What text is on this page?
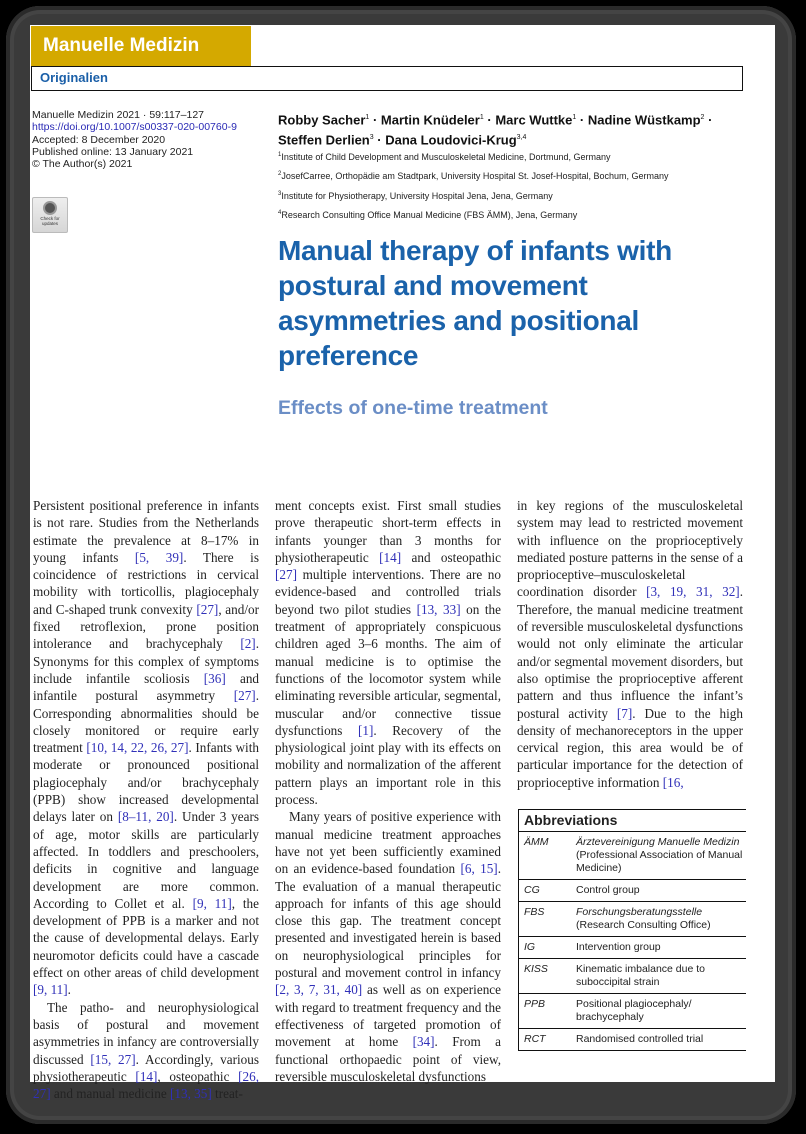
Manuelle Medizin
Originalien
Manuelle Medizin 2021 · 59:117–127
https://doi.org/10.1007/s00337-020-00760-9
Accepted: 8 December 2020
Published online: 13 January 2021
© The Author(s) 2021
Check for updates
Robby Sacher$^1$ · Martin Knüdeler$^1$ · Marc Wuttke$^1$ · Nadine Wüstkamp$^2$ ·
Steffen Derlien$^3$ · Dana Loudovici-Krug$^{3,4}$
$^1$Institute of Child Development and Musculoskeletal Medicine, Dortmund, Germany
$^2$JosefCarree, Orthopädie am Stadtpark, University Hospital St. Josef-Hospital, Bochum, Germany
$^3$Institute for Physiotherapy, University Hospital Jena, Jena, Germany
$^4$Research Consulting Office Manual Medicine (FBS ÄMM), Jena, Germany
Manual therapy of infants with postural and movement asymmetries and positional preference
Effects of one-time treatment

Persistent positional preference in infants is not rare. Studies from the Netherlands estimate the prevalence at 8–17% in young infants [5, 39]. There is coincidence of restrictions in cervical mobility with torticollis, plagiocephaly and C-shaped trunk convexity [27], and/or fixed retroflexion, prone position intolerance and brachycephaly [2]. Synonyms for this complex of symptoms include infantile scoliosis [36] and infantile postural asymmetry [27]. Corresponding abnormalities should be closely monitored or require early treatment [10, 14, 22, 26, 27]. Infants with moderate or pronounced positional plagiocephaly and/or brachycephaly (PPB) show increased developmental delays later on [8–11, 20]. Under 3 years of age, motor skills are particularly affected. In toddlers and preschoolers, deficits in cognitive and language development are more common. According to Collet et al. [9, 11], the development of PPB is a marker and not the cause of developmental delays. Early neuromotor deficits could have a cascade effect on other areas of child development [9, 11].

The patho- and neurophysiological basis of postural and movement asymmetries in infancy are controversially discussed [15, 27]. Accordingly, various physiotherapeutic [14], osteopathic [26, 27] and manual medicine [13, 35] treat-

ment concepts exist. First small studies prove therapeutic short-term effects in infants younger than 3 months for physiotherapeutic [14] and osteopathic [27] multiple interventions. There are no evidence-based and controlled trials beyond two pilot studies [13, 33] on the treatment of appropriately conspicuous children aged 3–6 months. The aim of manual medicine is to optimise the functions of the locomotor system while eliminating reversible articular, segmental, muscular and/or connective tissue dysfunctions [1]. Recovery of the physiological joint play with its effects on mobility and normalization of the afferent pattern plays an important role in this process.

Many years of positive experience with manual medicine treatment approaches have not yet been sufficiently examined on an evidence-based foundation [6, 15]. The evaluation of a manual therapeutic approach for infants of this age should close this gap. The treatment concept presented and investigated herein is based on neurophysiological principles for postural and movement control in infancy [2, 3, 7, 31, 40] as well as on experience with regard to treatment frequency and the effectiveness of targeted promotion of movement at home [34]. From a functional orthopaedic point of view, reversible musculoskeletal dysfunctions

in key regions of the musculoskeletal system may lead to restricted movement with influence on the proprioceptively mediated posture patterns in the sense of a proprioceptive–musculoskeletal coordination disorder [3, 19, 31, 32]. Therefore, the manual medicine treatment of reversible musculoskeletal dysfunctions would not only eliminate the articular and/or segmental movement disorders, but also optimise the proprioceptive afferent pattern and thus influence the infant’s postural activity [7]. Due to the high density of mechanoreceptors in the upper cervical region, this area would be of particular importance for the detection of proprioceptive information [16,

Abbreviations
ÄMM	Ärztevereinigung Manuelle Medizin
(Professional Association of Manual Medicine)
CG	Control group
FBS	Forschungsberatungsstelle
(Research Consulting Office)
IG	Intervention group
KISS	Kinematic imbalance due to suboccipital strain
PPB	Positional plagiocephaly/ brachycephaly
RCT	Randomised controlled trial
